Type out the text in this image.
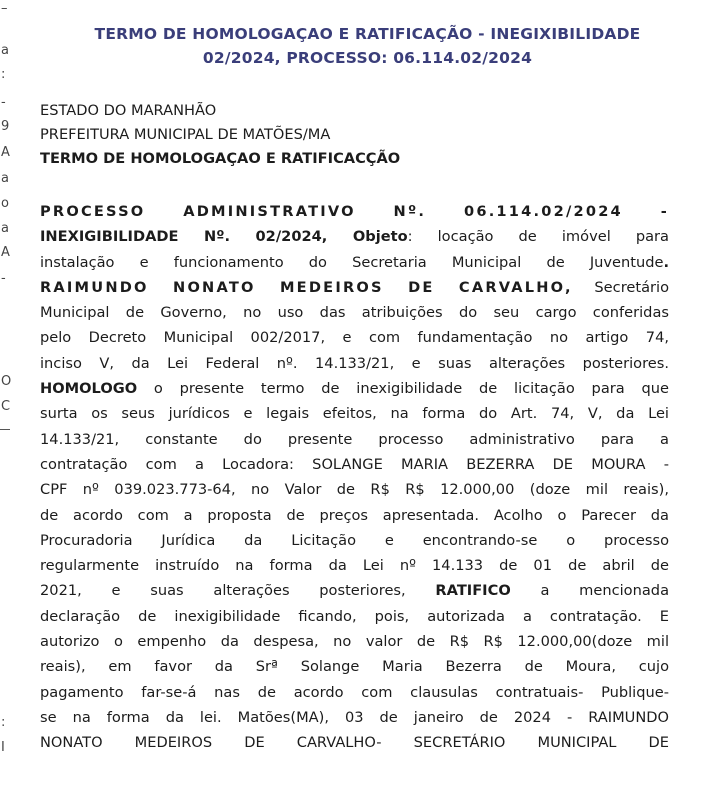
–
a
:
-
9
A
a
o
a
A
-
O
C
:
I
TERMO DE HOMOLOGAÇAO E RATIFICAÇÃO - INEGIXIBILIDADE
02/2024, PROCESSO: 06.114.02/2024
ESTADO DO MARANHÃO
PREFEITURA MUNICIPAL DE MATÕES/MA
TERMO DE HOMOLOGAÇAO E RATIFICACÇÃO
PROCESSO ADMINISTRATIVO Nº. 06.114.02/2024 -
INEXIGIBILIDADE Nº. 02/2024, Objeto: locação de imóvel para
instalação e funcionamento do Secretaria Municipal de Juventude.
RAIMUNDO NONATO MEDEIROS DE CARVALHO, Secretário
Municipal de Governo, no uso das atribuições do seu cargo conferidas
pelo Decreto Municipal 002/2017, e com fundamentação no artigo 74,
inciso V, da Lei Federal nº. 14.133/21, e suas alterações posteriores.
HOMOLOGO o presente termo de inexigibilidade de licitação para que
surta os seus jurídicos e legais efeitos, na forma do Art. 74, V, da Lei
14.133/21, constante do presente processo administrativo para a
contratação com a Locadora: SOLANGE MARIA BEZERRA DE MOURA -
CPF nº 039.023.773-64, no Valor de R$ R$ 12.000,00 (doze mil reais),
de acordo com a proposta de preços apresentada. Acolho o Parecer da
Procuradoria Jurídica da Licitação e encontrando-se o processo
regularmente instruído na forma da Lei nº 14.133 de 01 de abril de
2021, e suas alterações posteriores, RATIFICO a mencionada
declaração de inexigibilidade ficando, pois, autorizada a contratação. E
autorizo o empenho da despesa, no valor de R$ R$ 12.000,00(doze mil
reais), em favor da Srª Solange Maria Bezerra de Moura, cujo
pagamento far-se-á nas de acordo com clausulas contratuais- Publique-
se na forma da lei. Matões(MA), 03 de janeiro de 2024 - RAIMUNDO
NONATO MEDEIROS DE CARVALHO- SECRETÁRIO MUNICIPAL DE
